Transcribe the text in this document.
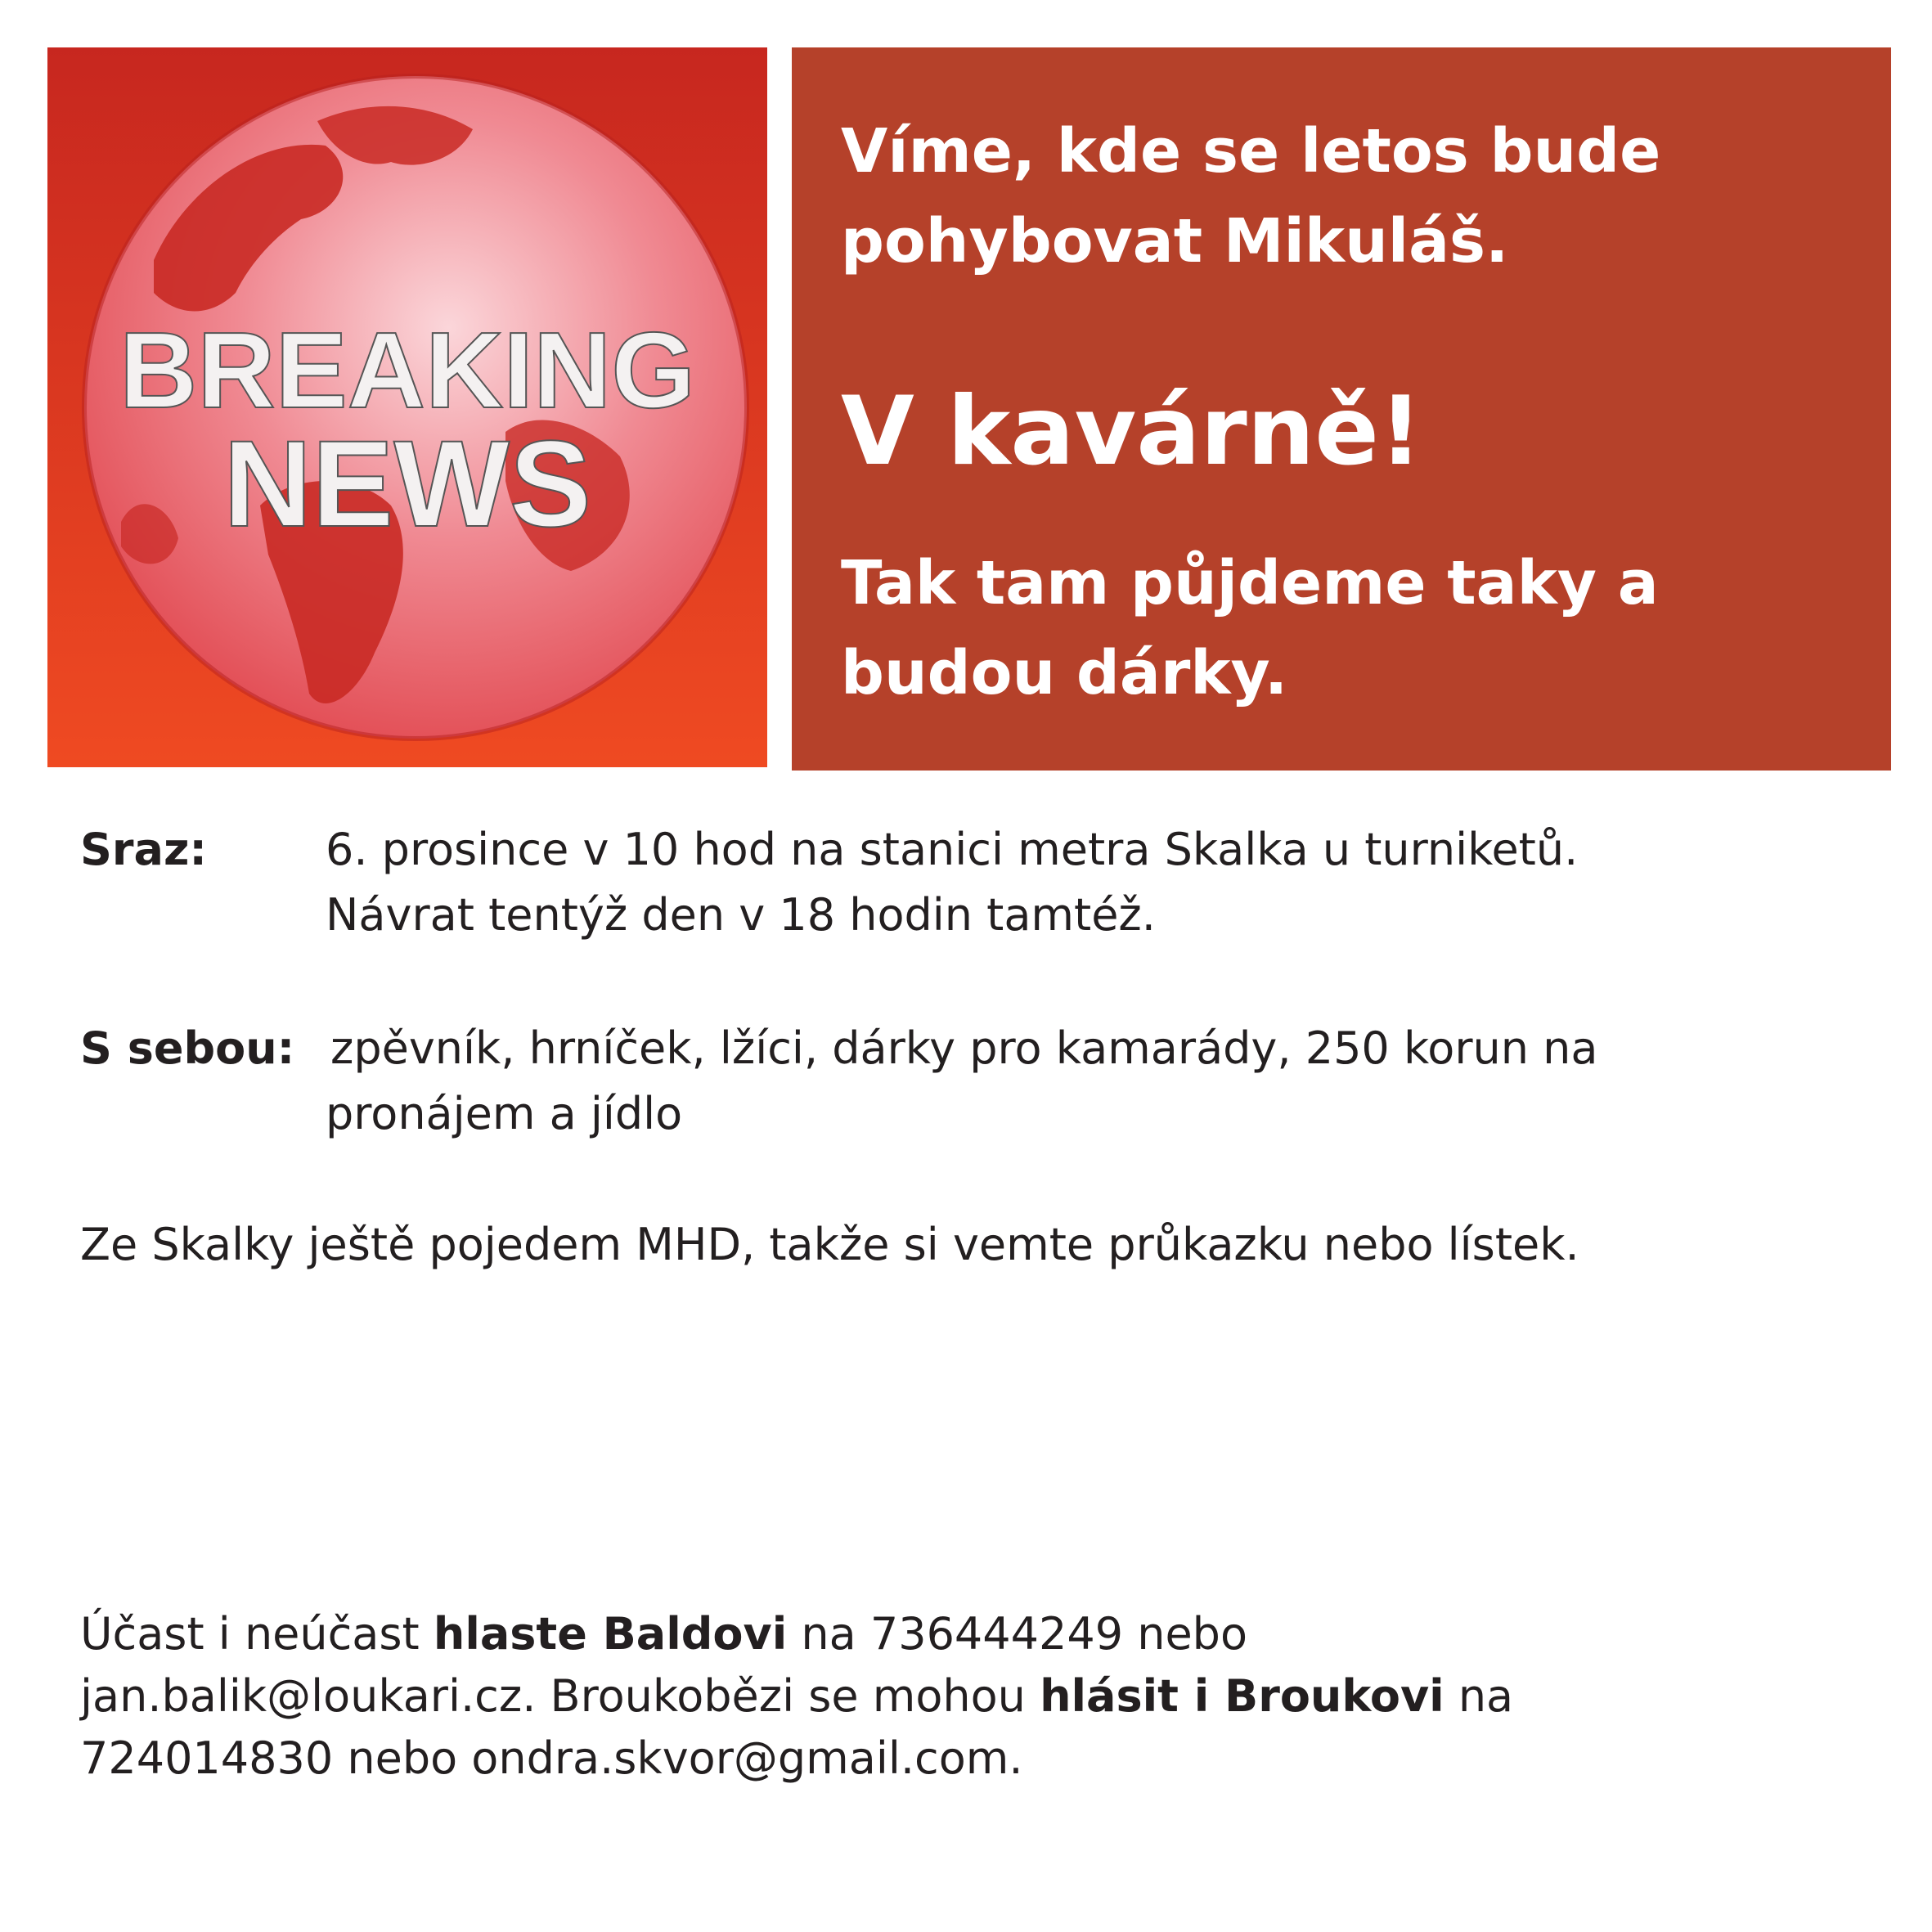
BREAKING
NEWS
Víme, kde se letos bude
pohybovat Mikuláš.
V kavárně!
Tak tam půjdeme taky a
budou dárky.
Sraz:	6. prosince v 10 hod na stanici metra Skalka u turniketů.
Návrat tentýž den v 18 hodin tamtéž.
S sebou: zpěvník, hrníček, lžíci, dárky pro kamarády, 250 korun na
pronájem a jídlo
Ze Skalky ještě pojedem MHD, takže si vemte průkazku nebo lístek.
Účast i neúčast hlaste Baldovi na 736444249 nebo
jan.balik@loukari.cz. Broukobězi se mohou hlásit i Broukovi na
724014830 nebo ondra.skvor@gmail.com.
